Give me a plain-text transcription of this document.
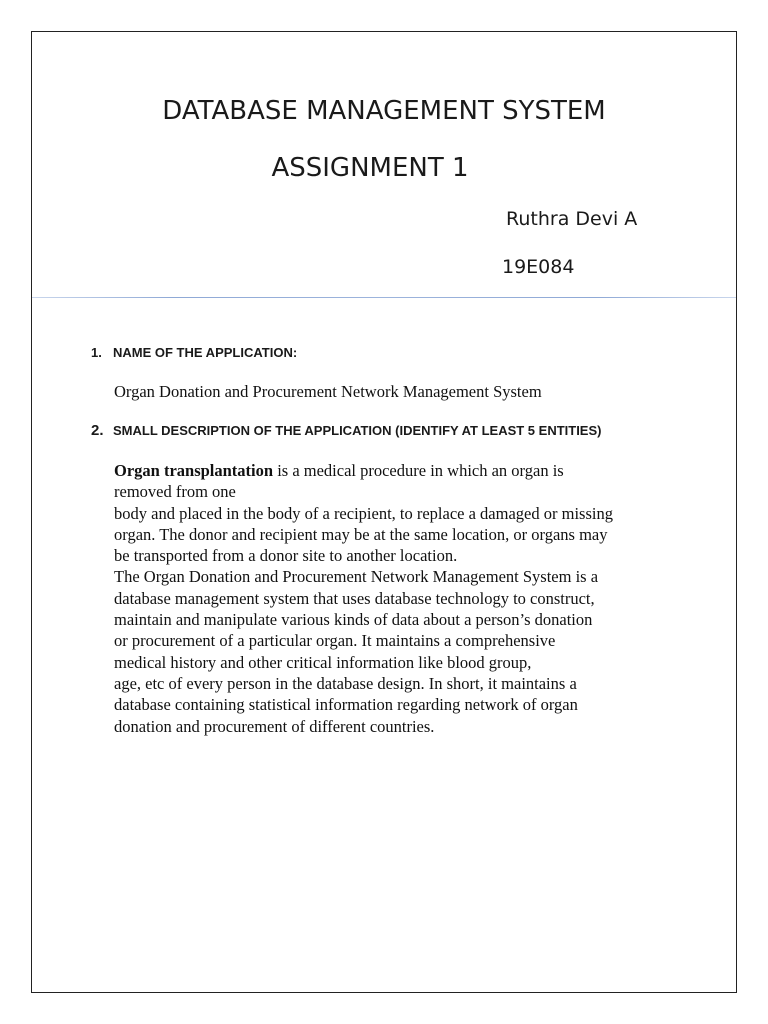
DATABASE MANAGEMENT SYSTEM
ASSIGNMENT 1
Ruthra Devi A
19E084
1. NAME OF THE APPLICATION:
Organ Donation and Procurement Network Management System
2. SMALL DESCRIPTION OF THE APPLICATION (IDENTIFY AT LEAST 5 ENTITIES)

Organ transplantation is a medical procedure in which an organ is

removed from one

body and placed in the body of a recipient, to replace a damaged or missing

organ. The donor and recipient may be at the same location, or organs may

be transported from a donor site to another location.

The Organ Donation and Procurement Network Management System is a

database management system that uses database technology to construct,

maintain and manipulate various kinds of data about a person’s donation

or procurement of a particular organ. It maintains a comprehensive

medical history and other critical information like blood group,

age, etc of every person in the database design. In short, it maintains a

database containing statistical information regarding network of organ

donation and procurement of different countries.
